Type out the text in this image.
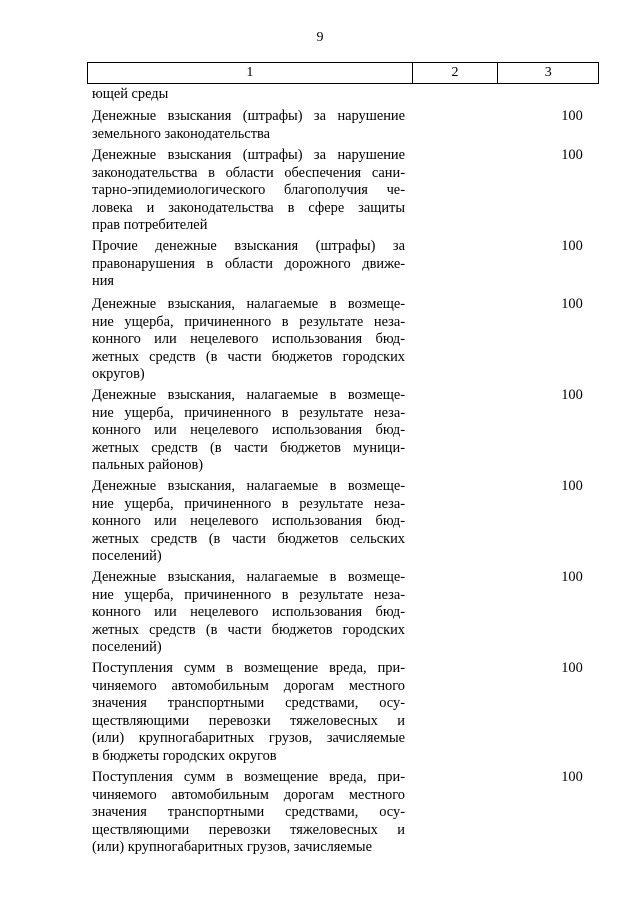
9
1	2	3
ющей среды
Денежные взыскания (штрафы) за нарушение
земельного законодательства
100
Денежные взыскания (штрафы) за нарушение
законодательства в области обеспечения сани-
тарно-эпидемиологического благополучия че-
ловека и законодательства в сфере защиты
прав потребителей
100
Прочие денежные взыскания (штрафы) за
правонарушения в области дорожного движе-
ния
100
Денежные взыскания, налагаемые в возмеще-
ние ущерба, причиненного в результате неза-
конного или нецелевого использования бюд-
жетных средств (в части бюджетов городских
округов)
100
Денежные взыскания, налагаемые в возмеще-
ние ущерба, причиненного в результате неза-
конного или нецелевого использования бюд-
жетных средств (в части бюджетов муници-
пальных районов)
100
Денежные взыскания, налагаемые в возмеще-
ние ущерба, причиненного в результате неза-
конного или нецелевого использования бюд-
жетных средств (в части бюджетов сельских
поселений)
100
Денежные взыскания, налагаемые в возмеще-
ние ущерба, причиненного в результате неза-
конного или нецелевого использования бюд-
жетных средств (в части бюджетов городских
поселений)
100
Поступления сумм в возмещение вреда, при-
чиняемого автомобильным дорогам местного
значения транспортными средствами, осу-
ществляющими перевозки тяжеловесных и
(или) крупногабаритных грузов, зачисляемые
в бюджеты городских округов
100
Поступления сумм в возмещение вреда, при-
чиняемого автомобильным дорогам местного
значения транспортными средствами, осу-
ществляющими перевозки тяжеловесных и
(или) крупногабаритных грузов, зачисляемые
100
